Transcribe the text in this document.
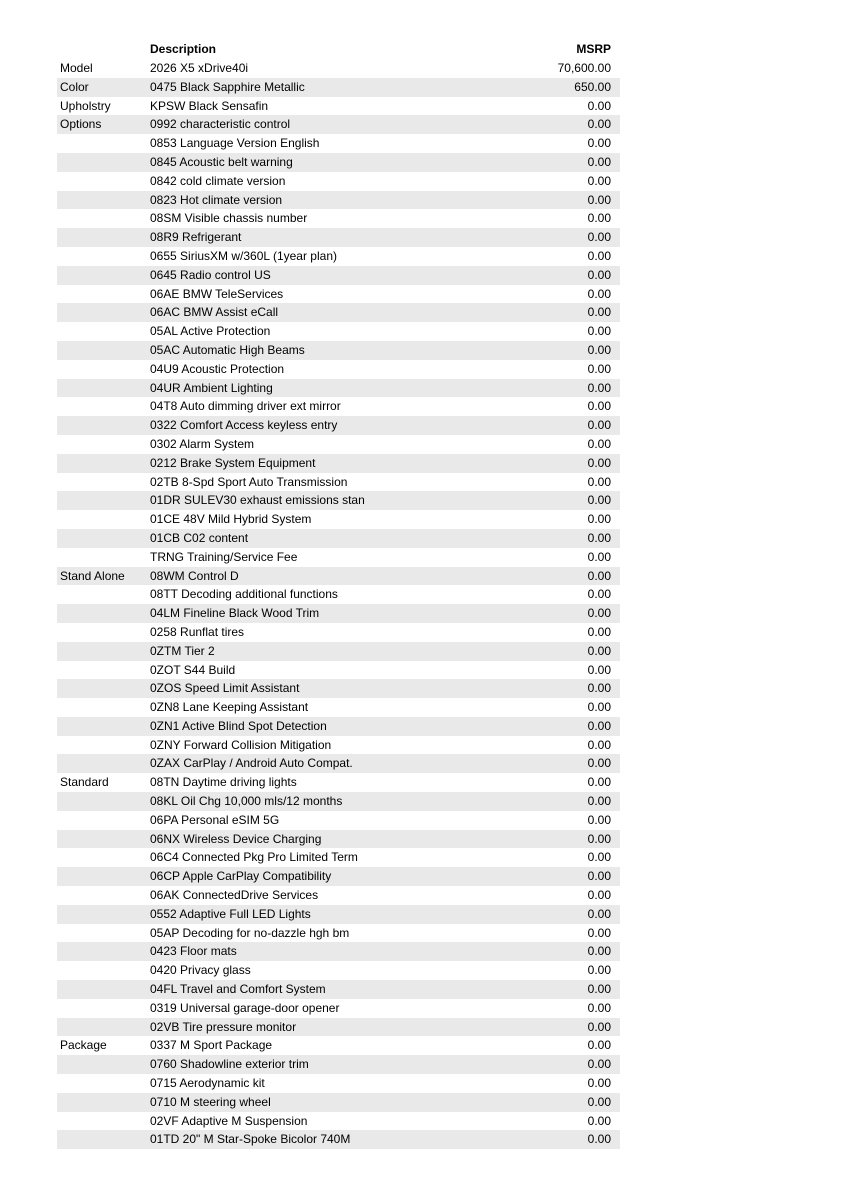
Description	MSRP
Model	2026 X5 xDrive40i	70,600.00
Color	0475 Black Sapphire Metallic	650.00
Upholstry	KPSW Black Sensafin	0.00
Options	0992 characteristic control	0.00
0853 Language Version English	0.00
0845 Acoustic belt warning	0.00
0842 cold climate version	0.00
0823 Hot climate version	0.00
08SM Visible chassis number	0.00
08R9 Refrigerant	0.00
0655 SiriusXM w/360L (1year plan)	0.00
0645 Radio control US	0.00
06AE BMW TeleServices	0.00
06AC BMW Assist eCall	0.00
05AL Active Protection	0.00
05AC Automatic High Beams	0.00
04U9 Acoustic Protection	0.00
04UR Ambient Lighting	0.00
04T8 Auto dimming driver ext mirror	0.00
0322 Comfort Access keyless entry	0.00
0302 Alarm System	0.00
0212 Brake System Equipment	0.00
02TB 8-Spd Sport Auto Transmission	0.00
01DR SULEV30 exhaust emissions stan	0.00
01CE 48V Mild Hybrid System	0.00
01CB C02 content	0.00
TRNG Training/Service Fee	0.00
Stand Alone	08WM Control D	0.00
08TT Decoding additional functions	0.00
04LM Fineline Black Wood Trim	0.00
0258 Runflat tires	0.00
0ZTM Tier 2	0.00
0ZOT S44 Build	0.00
0ZOS Speed Limit Assistant	0.00
0ZN8 Lane Keeping Assistant	0.00
0ZN1 Active Blind Spot Detection	0.00
0ZNY Forward Collision Mitigation	0.00
0ZAX CarPlay / Android Auto Compat.	0.00
Standard	08TN Daytime driving lights	0.00
08KL Oil Chg 10,000 mls/12 months	0.00
06PA Personal eSIM 5G	0.00
06NX Wireless Device Charging	0.00
06C4 Connected Pkg Pro Limited Term	0.00
06CP Apple CarPlay Compatibility	0.00
06AK ConnectedDrive Services	0.00
0552 Adaptive Full LED Lights	0.00
05AP Decoding for no-dazzle hgh bm	0.00
0423 Floor mats	0.00
0420 Privacy glass	0.00
04FL Travel and Comfort System	0.00
0319 Universal garage-door opener	0.00
02VB Tire pressure monitor	0.00
Package	0337 M Sport Package	0.00
0760 Shadowline exterior trim	0.00
0715 Aerodynamic kit	0.00
0710 M steering wheel	0.00
02VF Adaptive M Suspension	0.00
01TD 20" M Star-Spoke Bicolor 740M	0.00
